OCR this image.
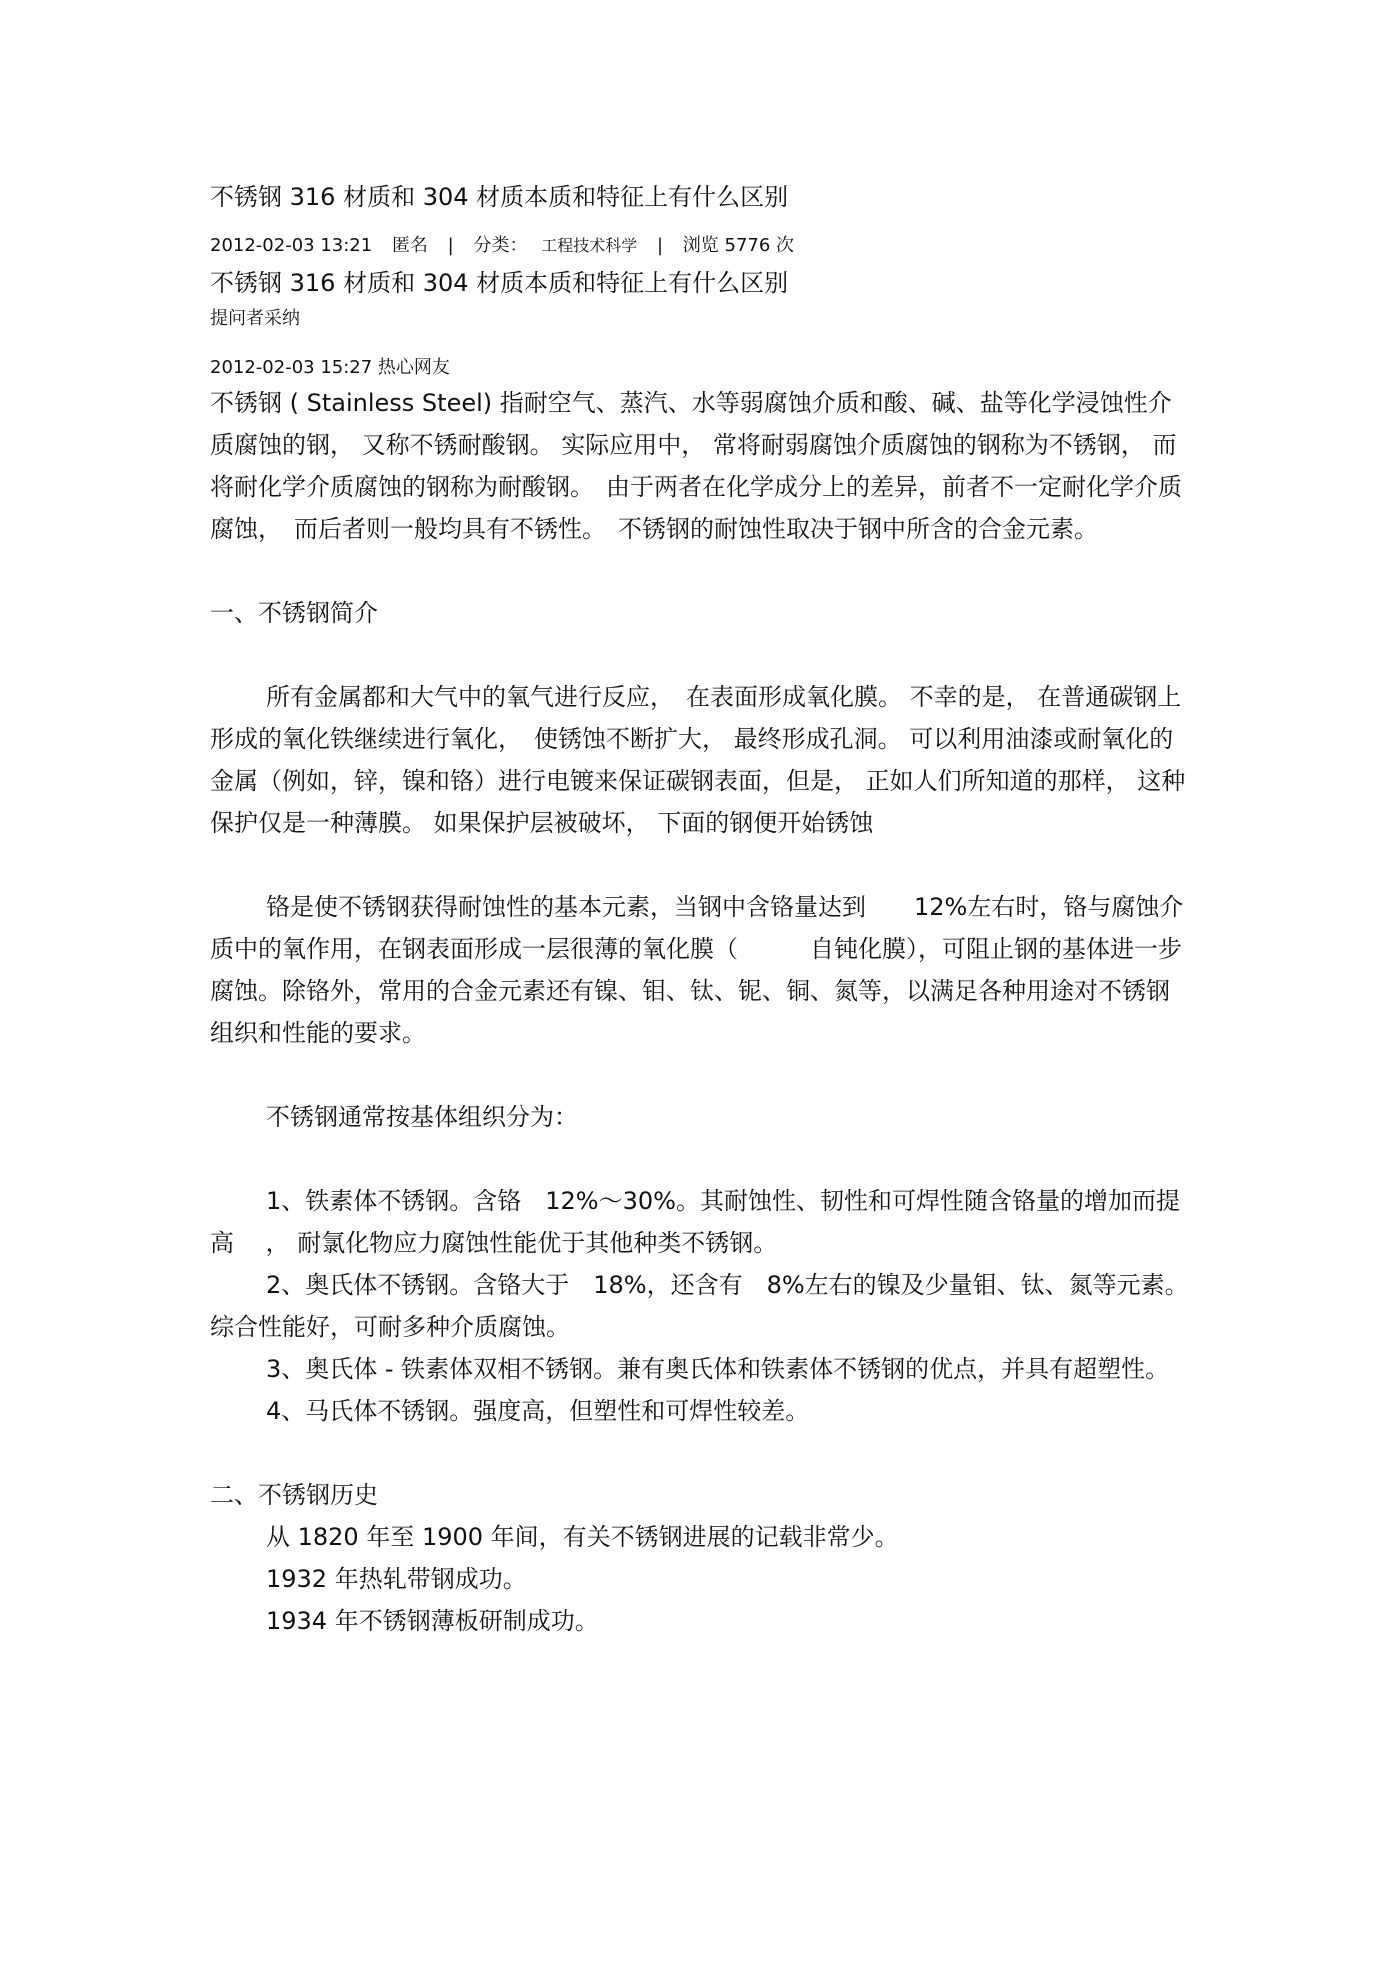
不锈钢 316 材质和 304 材质本质和特征上有什么区别
2012-02-03 13:21 匿名 | 分类： 工程技术科学 | 浏览 5776 次
不锈钢 316 材质和 304 材质本质和特征上有什么区别
提问者采纳
2012-02-03 15:27 热心网友

不锈钢 ( Stainless Steel) 指耐空气、蒸汽、水等弱腐蚀介质和酸、碱、盐等化学浸蚀性介质腐蚀的钢， 又称不锈耐酸钢。 实际应用中， 常将耐弱腐蚀介质腐蚀的钢称为不锈钢， 而将耐化学介质腐蚀的钢称为耐酸钢。　由于两者在化学成分上的差异，前者不一定耐化学介质腐蚀，　而后者则一般均具有不锈性。　不锈钢的耐蚀性取决于钢中所含的合金元素。

一、不锈钢简介

所有金属都和大气中的氧气进行反应，　在表面形成氧化膜。 不幸的是， 在普通碳钢上形成的氧化铁继续进行氧化，　使锈蚀不断扩大， 最终形成孔洞。 可以利用油漆或耐氧化的金属（例如，锌，镍和铬）进行电镀来保证碳钢表面，但是， 正如人们所知道的那样， 这种保护仅是一种薄膜。 如果保护层被破坏， 下面的钢便开始锈蚀

铬是使不锈钢获得耐蚀性的基本元素，当钢中含铬量达到　　12%左右时，铬与腐蚀介质中的氧作用，在钢表面形成一层很薄的氧化膜（　　　自钝化膜），可阻止钢的基体进一步腐蚀。除铬外，常用的合金元素还有镍、钼、钛、铌、铜、氮等，以满足各种用途对不锈钢组织和性能的要求。

不锈钢通常按基体组织分为：

1、铁素体不锈钢。含铬　12%～30%。其耐蚀性、韧性和可焊性随含铬量的增加而提高　 ， 耐氯化物应力腐蚀性能优于其他种类不锈钢。

2、奥氏体不锈钢。含铬大于　18%，还含有　8%左右的镍及少量钼、钛、氮等元素。综合性能好，可耐多种介质腐蚀。

3、奥氏体 - 铁素体双相不锈钢。兼有奥氏体和铁素体不锈钢的优点，并具有超塑性。

4、马氏体不锈钢。强度高，但塑性和可焊性较差。

二、不锈钢历史

从 1820 年至 1900 年间，有关不锈钢进展的记载非常少。

1932 年热轧带钢成功。

1934 年不锈钢薄板研制成功。
